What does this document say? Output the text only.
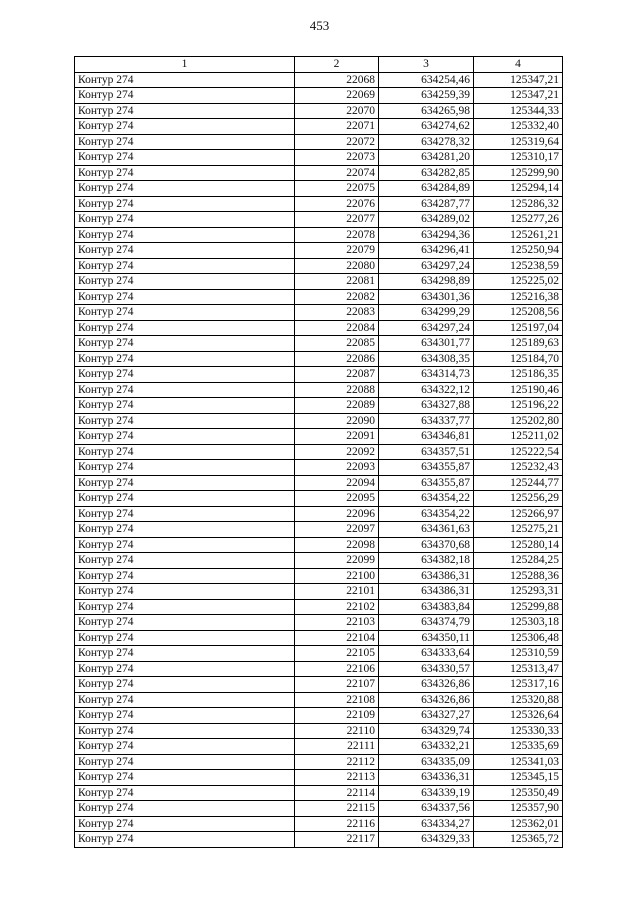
453
1	2	3	4
Контур 274	22068	634254,46	125347,21
Контур 274	22069	634259,39	125347,21
Контур 274	22070	634265,98	125344,33
Контур 274	22071	634274,62	125332,40
Контур 274	22072	634278,32	125319,64
Контур 274	22073	634281,20	125310,17
Контур 274	22074	634282,85	125299,90
Контур 274	22075	634284,89	125294,14
Контур 274	22076	634287,77	125286,32
Контур 274	22077	634289,02	125277,26
Контур 274	22078	634294,36	125261,21
Контур 274	22079	634296,41	125250,94
Контур 274	22080	634297,24	125238,59
Контур 274	22081	634298,89	125225,02
Контур 274	22082	634301,36	125216,38
Контур 274	22083	634299,29	125208,56
Контур 274	22084	634297,24	125197,04
Контур 274	22085	634301,77	125189,63
Контур 274	22086	634308,35	125184,70
Контур 274	22087	634314,73	125186,35
Контур 274	22088	634322,12	125190,46
Контур 274	22089	634327,88	125196,22
Контур 274	22090	634337,77	125202,80
Контур 274	22091	634346,81	125211,02
Контур 274	22092	634357,51	125222,54
Контур 274	22093	634355,87	125232,43
Контур 274	22094	634355,87	125244,77
Контур 274	22095	634354,22	125256,29
Контур 274	22096	634354,22	125266,97
Контур 274	22097	634361,63	125275,21
Контур 274	22098	634370,68	125280,14
Контур 274	22099	634382,18	125284,25
Контур 274	22100	634386,31	125288,36
Контур 274	22101	634386,31	125293,31
Контур 274	22102	634383,84	125299,88
Контур 274	22103	634374,79	125303,18
Контур 274	22104	634350,11	125306,48
Контур 274	22105	634333,64	125310,59
Контур 274	22106	634330,57	125313,47
Контур 274	22107	634326,86	125317,16
Контур 274	22108	634326,86	125320,88
Контур 274	22109	634327,27	125326,64
Контур 274	22110	634329,74	125330,33
Контур 274	22111	634332,21	125335,69
Контур 274	22112	634335,09	125341,03
Контур 274	22113	634336,31	125345,15
Контур 274	22114	634339,19	125350,49
Контур 274	22115	634337,56	125357,90
Контур 274	22116	634334,27	125362,01
Контур 274	22117	634329,33	125365,72
